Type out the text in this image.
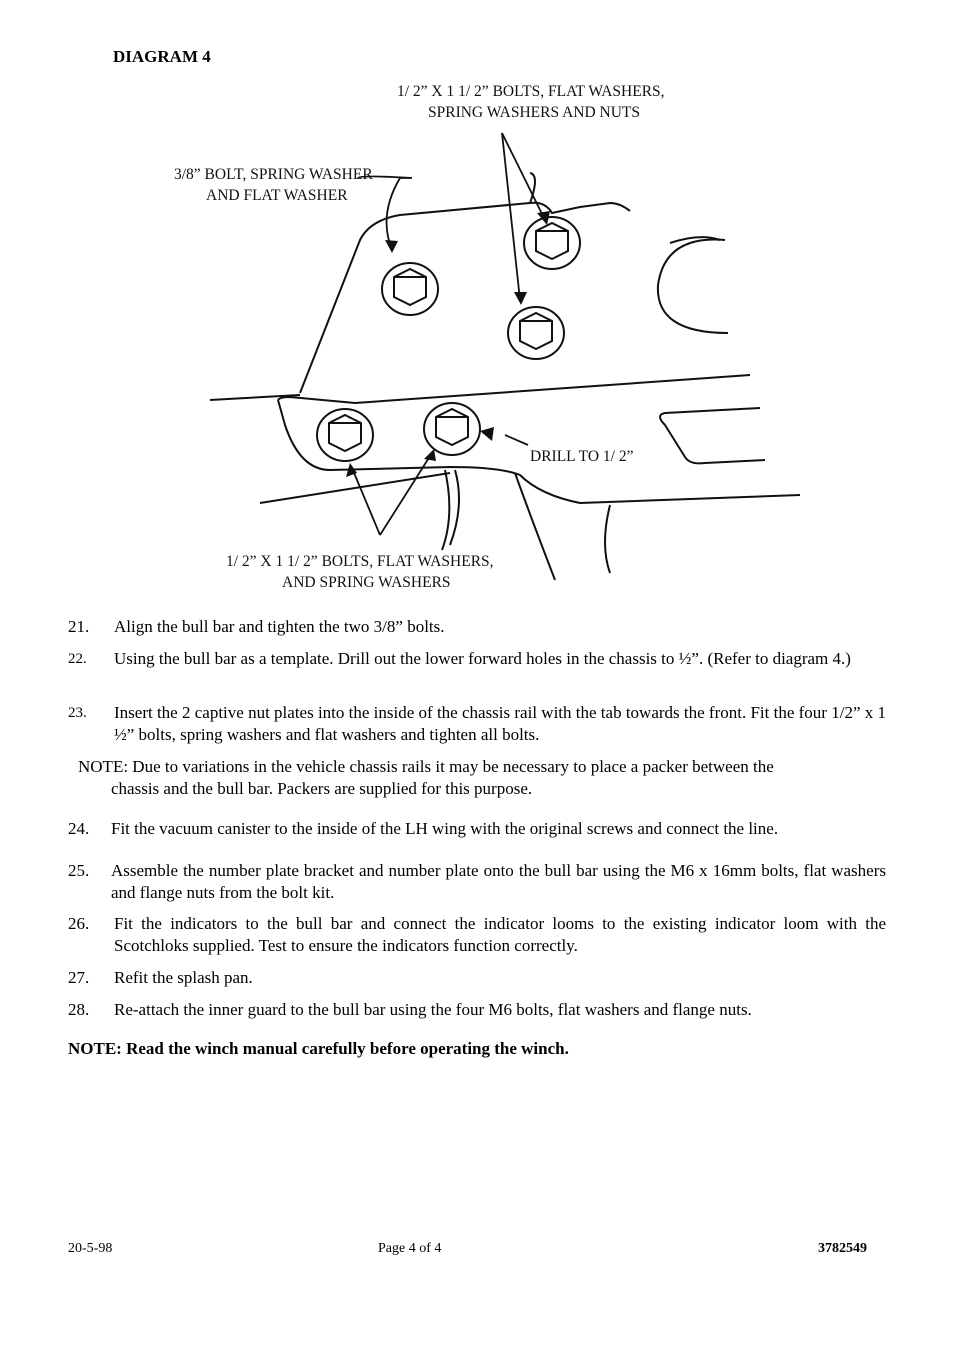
DIAGRAM 4
1/ 2” X 1 1/ 2” BOLTS, FLAT WASHERS,
SPRING WASHERS AND NUTS
3/8” BOLT, SPRING WASHER
AND FLAT WASHER
DRILL TO 1/ 2”
1/ 2” X 1 1/ 2” BOLTS, FLAT WASHERS,
AND SPRING WASHERS
21. Align the bull bar and tighten the two 3/8” bolts.
22. Using the bull bar as a template. Drill out the lower forward holes in the chassis to ½”. (Refer to diagram 4.)
23. Insert the 2 captive nut plates into the inside of the chassis rail with the tab towards the front. Fit the four 1/2” x 1 ½” bolts, spring washers and flat washers and tighten all bolts.
NOTE: Due to variations in the vehicle chassis rails it may be necessary to place a packer between the
chassis and the bull bar. Packers are supplied for this purpose.
24. Fit the vacuum canister to the inside of the LH wing with the original screws and connect the line.
25. Assemble the number plate bracket and number plate onto the bull bar using the M6 x 16mm bolts, flat washers and flange nuts from the bolt kit.
26. Fit the indicators to the bull bar and connect the indicator looms to the existing indicator loom with the Scotchloks supplied. Test to ensure the indicators function correctly.
27. Refit the splash pan.
28. Re-attach the inner guard to the bull bar using the four M6 bolts, flat washers and flange nuts.
NOTE: Read the winch manual carefully before operating the winch.
20-5-98	Page 4 of 4	3782549
